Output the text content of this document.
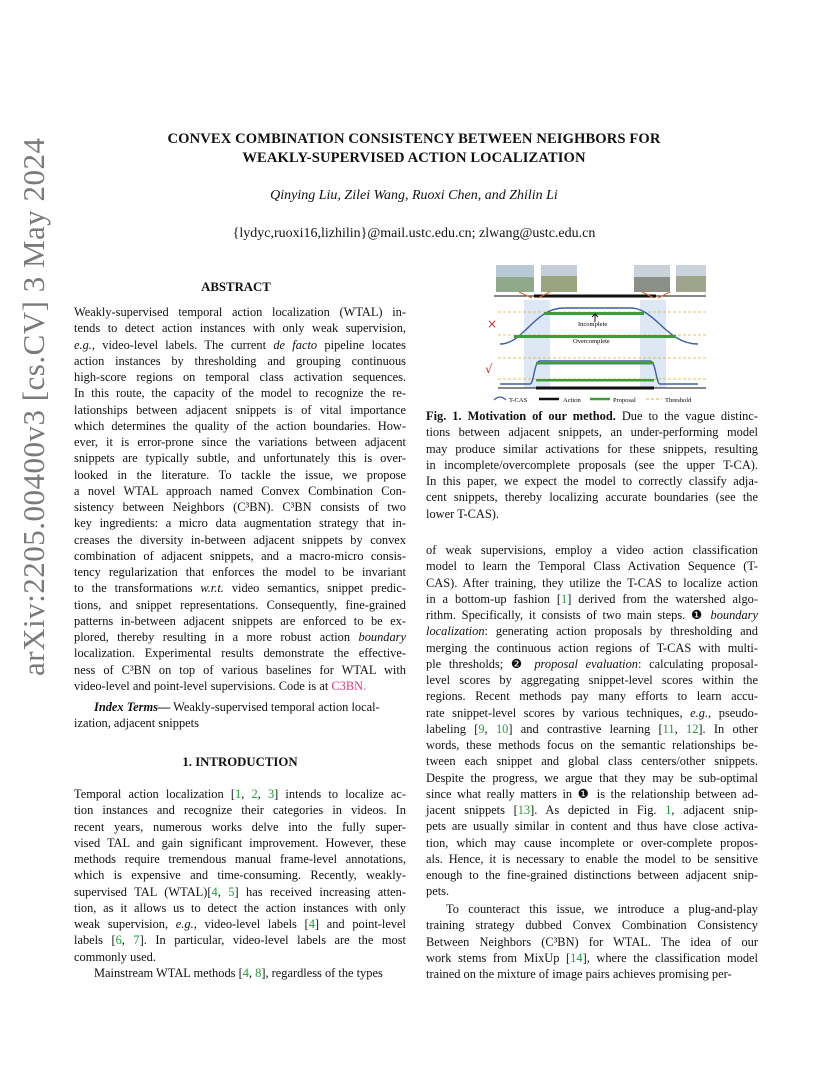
arXiv:2205.00400v3 [cs.CV] 3 May 2024	CONVEX COMBINATION CONSISTENCY BETWEEN NEIGHBORS FOR
WEAKLY-SUPERVISED ACTION LOCALIZATION
Qinying Liu, Zilei Wang, Ruoxi Chen, and Zhilin Li
{lydyc,ruoxi16,lizhilin}@mail.ustc.edu.cn; zlwang@ustc.edu.cn
ABSTRACT
Weakly-supervised temporal action localization (WTAL) in-
tends to detect action instances with only weak supervision,
e.g., video-level labels. The current de facto pipeline locates
action instances by thresholding and grouping continuous
high-score regions on temporal class activation sequences.
In this route, the capacity of the model to recognize the re-
lationships between adjacent snippets is of vital importance
which determines the quality of the action boundaries. How-
ever, it is error-prone since the variations between adjacent
snippets are typically subtle, and unfortunately this is over-
looked in the literature. To tackle the issue, we propose
a novel WTAL approach named Convex Combination Con-
sistency between Neighbors (C³BN). C³BN consists of two
key ingredients: a micro data augmentation strategy that in-
creases the diversity in-between adjacent snippets by convex
combination of adjacent snippets, and a macro-micro consis-
tency regularization that enforces the model to be invariant
to the transformations w.r.t. video semantics, snippet predic-
tions, and snippet representations. Consequently, fine-grained
patterns in-between adjacent snippets are enforced to be ex-
plored, thereby resulting in a more robust action boundary
localization. Experimental results demonstrate the effective-
ness of C³BN on top of various baselines for WTAL with
video-level and point-level supervisions. Code is at C3BN.

Index Terms— Weakly-supervised temporal action local-

ization, adjacent snippets

1. INTRODUCTION
Temporal action localization [1, 2, 3] intends to localize ac-
tion instances and recognize their categories in videos. In
recent years, numerous works delve into the fully super-
vised TAL and gain significant improvement. However, these
methods require tremendous manual frame-level annotations,
which is expensive and time-consuming. Recently, weakly-
supervised TAL (WTAL)[4, 5] has received increasing atten-
tion, as it allows us to detect the action instances with only
weak supervision, e.g., video-level labels [4] and point-level
labels [6, 7]. In particular, video-level labels are the most
commonly used.

Mainstream WTAL methods [4, 8], regardless of the types

×	Incomplete
Overcomplete
√
T-CAS	Action	Proposal	Threshold
Fig. 1. Motivation of our method. Due to the vague distinc-
tions between adjacent snippets, an under-performing model
may produce similar activations for these snippets, resulting
in incomplete/overcomplete proposals (see the upper T-CA).
In this paper, we expect the model to correctly classify adja-
cent snippets, thereby localizing accurate boundaries (see the
lower T-CAS).
of weak supervisions, employ a video action classification
model to learn the Temporal Class Activation Sequence (T-
CAS). After training, they utilize the T-CAS to localize action
in a bottom-up fashion [1] derived from the watershed algo-
rithm. Specifically, it consists of two main steps. ❶ boundary
localization: generating action proposals by thresholding and
merging the continuous action regions of T-CAS with multi-
ple thresholds; ❷ proposal evaluation: calculating proposal-
level scores by aggregating snippet-level scores within the
regions. Recent methods pay many efforts to learn accu-
rate snippet-level scores by various techniques, e.g., pseudo-
labeling [9, 10] and contrastive learning [11, 12]. In other
words, these methods focus on the semantic relationships be-
tween each snippet and global class centers/other snippets.
Despite the progress, we argue that they may be sub-optimal
since what really matters in ❶ is the relationship between ad-
jacent snippets [13]. As depicted in Fig. 1, adjacent snip-
pets are usually similar in content and thus have close activa-
tion, which may cause incomplete or over-complete propos-
als. Hence, it is necessary to enable the model to be sensitive
enough to the fine-grained distinctions between adjacent snip-
pets.
To counteract this issue, we introduce a plug-and-play
training strategy dubbed Convex Combination Consistency
Between Neighbors (C³BN) for WTAL. The idea of our
work stems from MixUp [14], where the classification model
trained on the mixture of image pairs achieves promising per-
